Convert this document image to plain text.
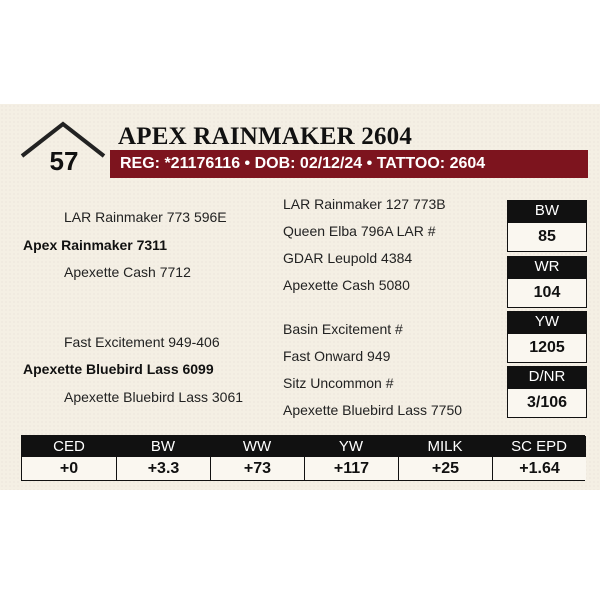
57
APEX RAINMAKER 2604
REG: *21176116 • DOB: 02/12/24 • TATTOO: 2604
LAR Rainmaker 773 596E
Apex Rainmaker 7311
Apexette Cash 7712
LAR Rainmaker 127 773B
Queen Elba 796A LAR #
GDAR Leupold 4384
Apexette Cash 5080
Fast Excitement 949-406
Apexette Bluebird Lass 6099
Apexette Bluebird Lass 3061
Basin Excitement #
Fast Onward 949
Sitz Uncommon #
Apexette Bluebird Lass 7750
BW
85
WR
104
YW
1205
D/NR
3/106
CED
+0
BW
+3.3
WW
+73
YW
+117
MILK
+25
SC EPD
+1.64
